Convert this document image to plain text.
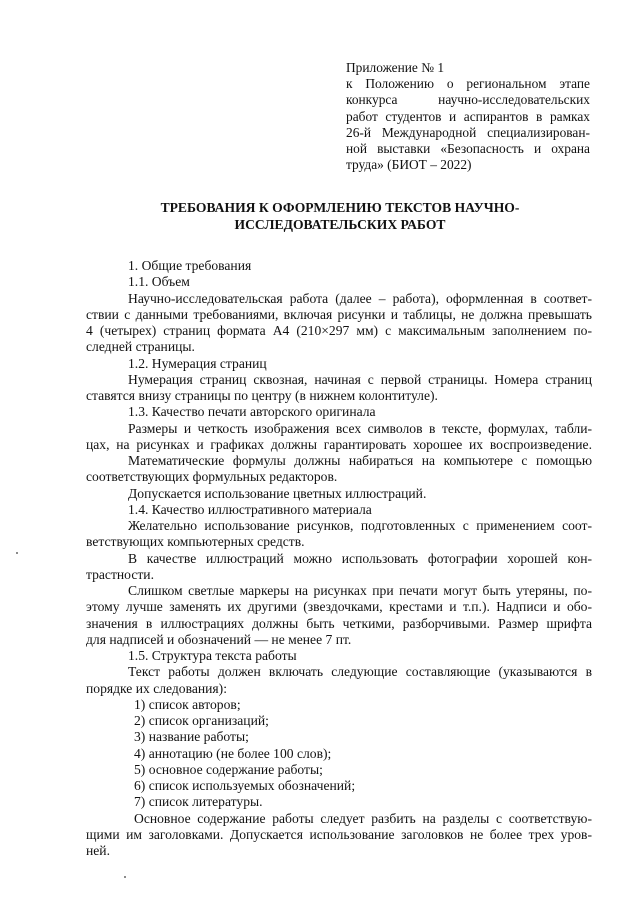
Приложение № 1
к Положению о региональном этапе
конкурса научно-исследовательских
работ студентов и аспирантов в рамках
26-й Международной специализирован-
ной выставки «Безопасность и охрана
труда» (БИОТ – 2022)
ТРЕБОВАНИЯ К ОФОРМЛЕНИЮ ТЕКСТОВ НАУЧНО-
ИССЛЕДОВАТЕЛЬСКИХ РАБОТ
1. Общие требования
1.1. Объем
Научно-исследовательская работа (далее – работа), оформленная в соответ-
ствии с данными требованиями, включая рисунки и таблицы, не должна превышать
4 (четырех) страниц формата А4 (210×297 мм) с максимальным заполнением по-
следней страницы.
1.2. Нумерация страниц
Нумерация страниц сквозная, начиная с первой страницы. Номера страниц
ставятся внизу страницы по центру (в нижнем колонтитуле).
1.3. Качество печати авторского оригинала
Размеры и четкость изображения всех символов в тексте, формулах, табли-
цах, на рисунках и графиках должны гарантировать хорошее их воспроизведение.
Математические формулы должны набираться на компьютере с помощью
соответствующих формульных редакторов.
Допускается использование цветных иллюстраций.
1.4. Качество иллюстративного материала
Желательно использование рисунков, подготовленных с применением соот-
ветствующих компьютерных средств.
В качестве иллюстраций можно использовать фотографии хорошей кон-
трастности.
Слишком светлые маркеры на рисунках при печати могут быть утеряны, по-
этому лучше заменять их другими (звездочками, крестами и т.п.). Надписи и обо-
значения в иллюстрациях должны быть четкими, разборчивыми. Размер шрифта
для надписей и обозначений — не менее 7 пт.
1.5. Структура текста работы
Текст работы должен включать следующие составляющие (указываются в
порядке их следования):
1) список авторов;
2) список организаций;
3) название работы;
4) аннотацию (не более 100 слов);
5) основное содержание работы;
6) список используемых обозначений;
7) список литературы.
Основное содержание работы следует разбить на разделы с соответствую-
щими им заголовками. Допускается использование заголовков не более трех уров-
ней.
